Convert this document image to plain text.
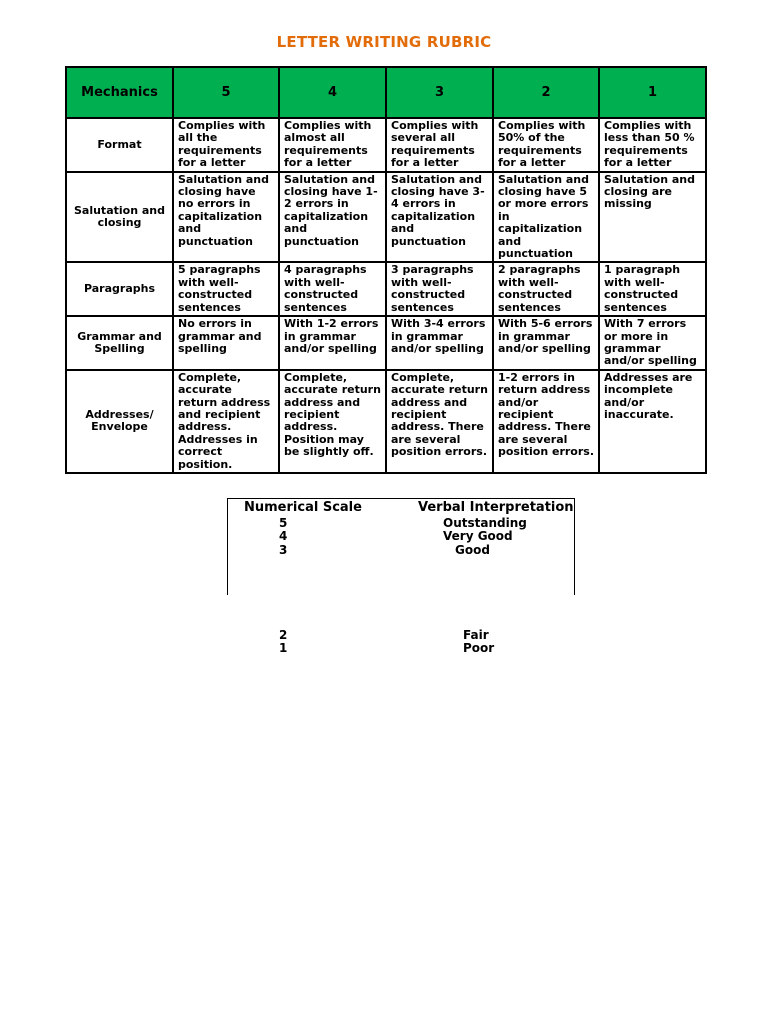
LETTER WRITING RUBRIC
Mechanics	5	4	3	2	1
Format	Complies with all the requirements for a letter	Complies with almost all requirements for a letter	Complies with several all requirements for a letter	Complies with 50% of the requirements for a letter	Complies with less than 50 % requirements for a letter
Salutation and closing	Salutation and closing have no errors in capitalization and punctuation	Salutation and closing have 1-2 errors in capitalization and punctuation	Salutation and closing have 3-4 errors in capitalization and punctuation	Salutation and closing have 5 or more errors in capitalization and punctuation	Salutation and closing are missing
Paragraphs	5 paragraphs with well-constructed sentences	4 paragraphs with well-constructed sentences	3 paragraphs with well-constructed sentences	2 paragraphs with well-constructed sentences	1 paragraph with well-constructed sentences
Grammar and Spelling	No errors in grammar and spelling	With 1-2 errors in grammar and/or spelling	With 3-4 errors in grammar and/or spelling	With 5-6 errors in grammar and/or spelling	With 7 errors or more in grammar and/or spelling
Addresses/ Envelope	Complete, accurate return address and recipient address. Addresses in correct position.	Complete, accurate return address and recipient address. Position may be slightly off.	Complete, accurate return address and recipient address. There are several position errors.	1-2 errors in return address and/or recipient address. There are several position errors.	Addresses are incomplete and/or inaccurate.
Numerical Scale	Verbal Interpretation
5	Outstanding
4	Very Good
3	Good
2	Fair
1	Poor
